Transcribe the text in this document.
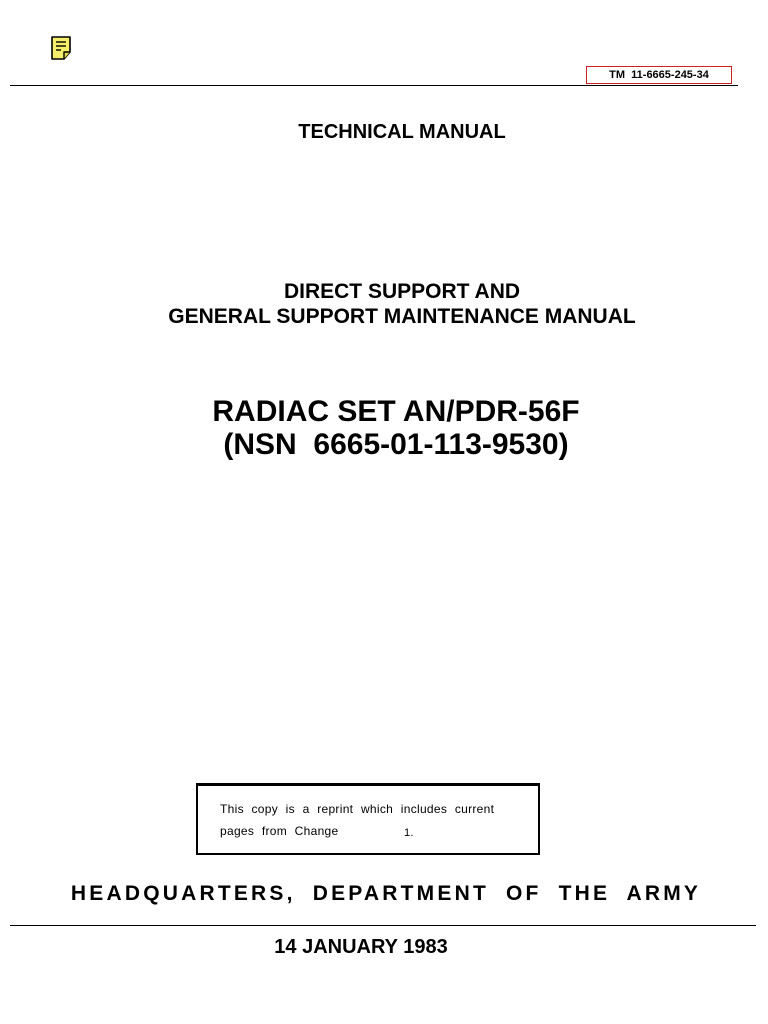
TM  11-6665-245-34
TECHNICAL MANUAL
DIRECT SUPPORT AND
GENERAL SUPPORT MAINTENANCE MANUAL
RADIAC SET AN/PDR-56F
(NSN  6665-01-113-9530)
This copy is a reprint which includes current
pages from Change	1.
HEADQUARTERS, DEPARTMENT OF THE ARMY
14 JANUARY 1983
